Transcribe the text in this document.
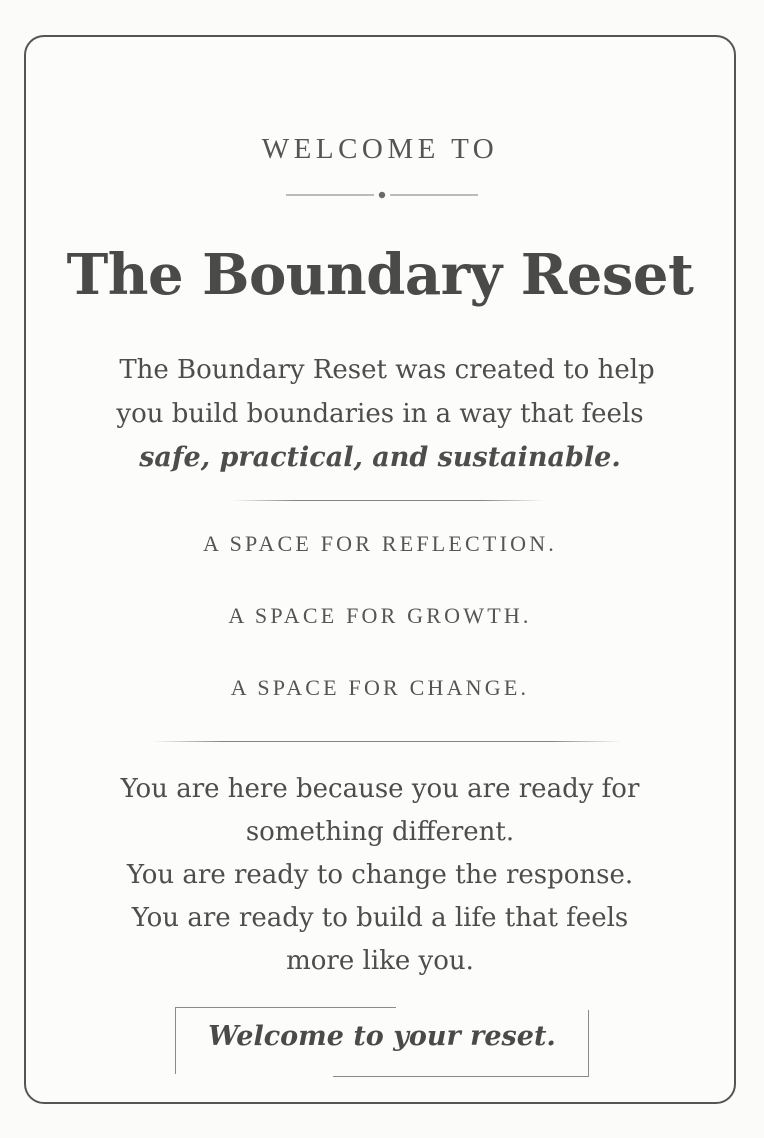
WELCOME TO
The Boundary Reset
The Boundary Reset was created to help
you build boundaries in a way that feels
safe, practical, and sustainable.
A SPACE FOR REFLECTION.
A SPACE FOR GROWTH.
A SPACE FOR CHANGE.
You are here because you are ready for
something different.
You are ready to change the response.
You are ready to build a life that feels
more like you.
Welcome to your reset.
